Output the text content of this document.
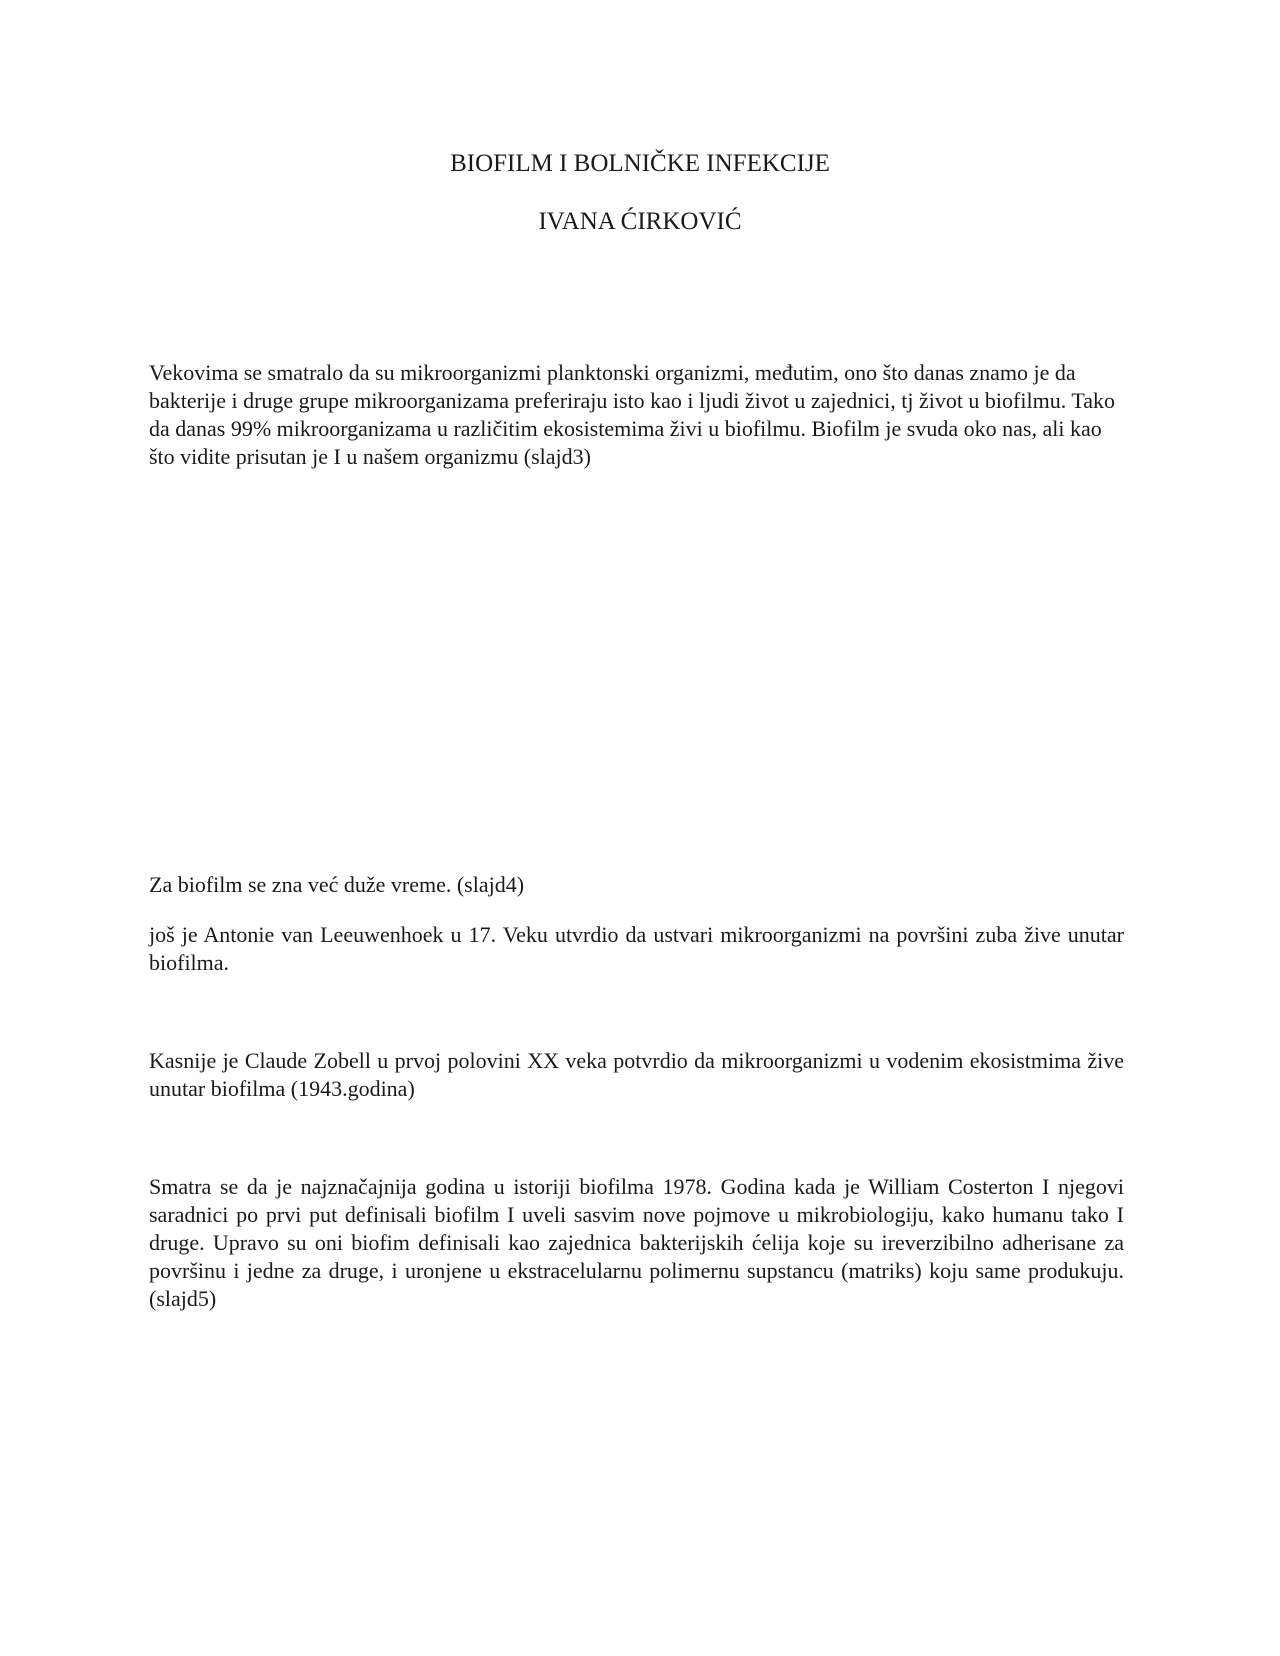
BIOFILM I BOLNIČKE INFEKCIJE
IVANA ĆIRKOVIĆ

Vekovima se smatralo da su mikroorganizmi planktonski organizmi, međutim, ono što danas znamo je da bakterije i druge grupe mikroorganizama preferiraju isto kao i ljudi život u zajednici, tj život u biofilmu. Tako da danas 99% mikroorganizama u različitim ekosistemima živi u biofilmu. Biofilm je svuda oko nas, ali kao što vidite prisutan je I u našem organizmu (slajd3)

Za biofilm se zna već duže vreme. (slajd4)

još je Antonie van Leeuwenhoek u 17. Veku utvrdio da ustvari mikroorganizmi na površini zuba žive unutar biofilma.

Kasnije je Claude Zobell u prvoj polovini XX veka potvrdio da mikroorganizmi u vodenim ekosistmima žive unutar biofilma (1943.godina)

Smatra se da je najznačajnija godina u istoriji biofilma 1978. Godina kada je William Costerton I njegovi saradnici po prvi put definisali biofilm I uveli sasvim nove pojmove u mikrobiologiju, kako humanu tako I druge. Upravo su oni biofim definisali kao zajednica bakterijskih ćelija koje su ireverzibilno adherisane za površinu i jedne za druge, i uronjene u ekstracelularnu polimernu supstancu (matriks) koju same produkuju. (slajd5)
